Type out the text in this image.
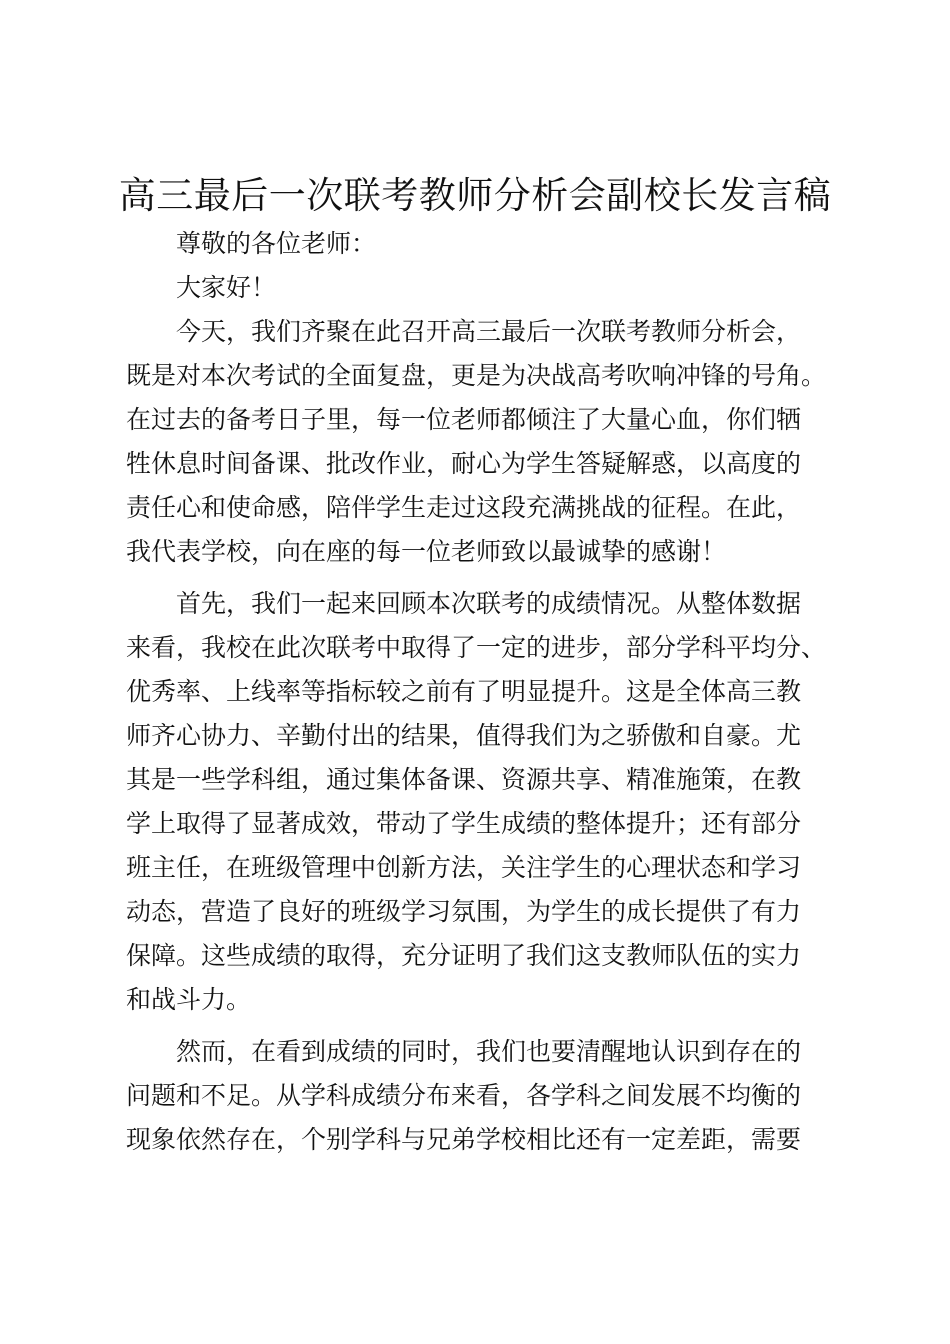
高三最后一次联考教师分析会副校长发言稿
尊敬的各位老师：
大家好！
今天，我们齐聚在此召开高三最后一次联考教师分析会，
既是对本次考试的全面复盘，更是为决战高考吹响冲锋的号角。
在过去的备考日子里，每一位老师都倾注了大量心血，你们牺
牲休息时间备课、批改作业，耐心为学生答疑解惑，以高度的
责任心和使命感，陪伴学生走过这段充满挑战的征程。在此，
我代表学校，向在座的每一位老师致以最诚挚的感谢！
首先，我们一起来回顾本次联考的成绩情况。从整体数据
来看，我校在此次联考中取得了一定的进步，部分学科平均分、
优秀率、上线率等指标较之前有了明显提升。这是全体高三教
师齐心协力、辛勤付出的结果，值得我们为之骄傲和自豪。尤
其是一些学科组，通过集体备课、资源共享、精准施策，在教
学上取得了显著成效，带动了学生成绩的整体提升；还有部分
班主任，在班级管理中创新方法，关注学生的心理状态和学习
动态，营造了良好的班级学习氛围，为学生的成长提供了有力
保障。这些成绩的取得，充分证明了我们这支教师队伍的实力
和战斗力。
然而，在看到成绩的同时，我们也要清醒地认识到存在的
问题和不足。从学科成绩分布来看，各学科之间发展不均衡的
现象依然存在，个别学科与兄弟学校相比还有一定差距，需要
